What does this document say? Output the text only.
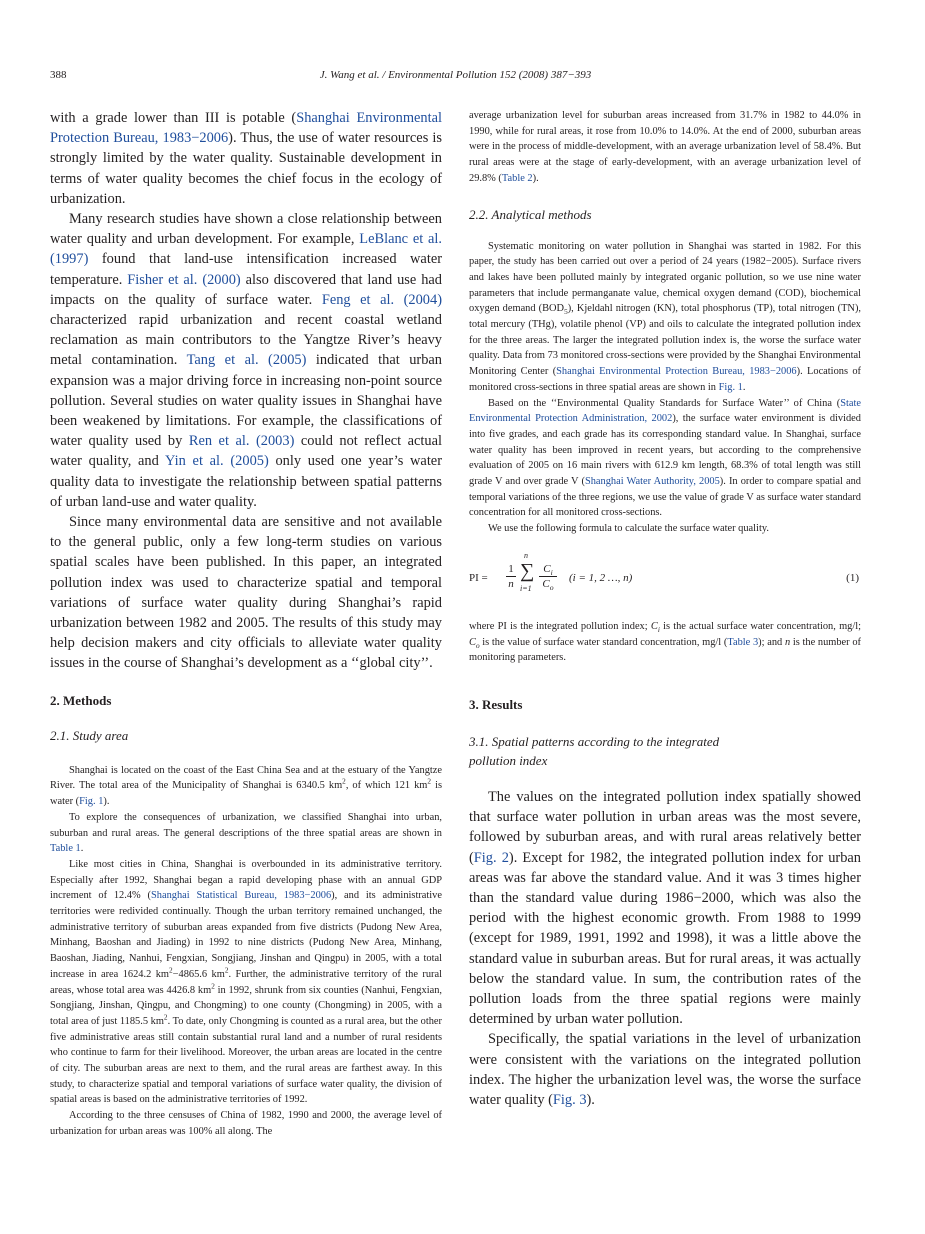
388	J. Wang et al. / Environmental Pollution 152 (2008) 387−393

with a grade lower than III is potable (Shanghai Environmental Protection Bureau, 1983−2006). Thus, the use of water resources is strongly limited by the water quality. Sustainable development in terms of water quality becomes the chief focus in the ecology of urbanization.

Many research studies have shown a close relationship between water quality and urban development. For example, LeBlanc et al. (1997) found that land-use intensification increased water temperature. Fisher et al. (2000) also discovered that land use had impacts on the quality of surface water. Feng et al. (2004) characterized rapid urbanization and recent coastal wetland reclamation as main contributors to the Yangtze River’s heavy metal contamination. Tang et al. (2005) indicated that urban expansion was a major driving force in increasing non-point source pollution. Several studies on water quality issues in Shanghai have been weakened by limitations. For example, the classifications of water quality used by Ren et al. (2003) could not reflect actual water quality, and Yin et al. (2005) only used one year’s water quality data to investigate the relationship between spatial patterns of urban land-use and water quality.

Since many environmental data are sensitive and not available to the general public, only a few long-term studies on various spatial scales have been published. In this paper, an integrated pollution index was used to characterize spatial and temporal variations of surface water quality during Shanghai’s rapid urbanization between 1982 and 2005. The results of this study may help decision makers and city officials to alleviate water quality issues in the course of Shanghai’s development as a ‘‘global city’’.

2. Methods

2.1. Study area

Shanghai is located on the coast of the East China Sea and at the estuary of the Yangtze River. The total area of the Municipality of Shanghai is 6340.5 $km^2$, of which 121 $km^2$ is water (Fig. 1).

To explore the consequences of urbanization, we classified Shanghai into urban, suburban and rural areas. The general descriptions of the three spatial areas are shown in Table 1.

Like most cities in China, Shanghai is overbounded in its administrative territory. Especially after 1992, Shanghai began a rapid developing phase with an annual GDP increment of 12.4% (Shanghai Statistical Bureau, 1983−2006), and its administrative territories were redivided continually. Though the urban territory remained unchanged, the administrative territory of suburban areas expanded from five districts (Pudong New Area, Minhang, Baoshan and Jiading) in 1992 to nine districts (Pudong New Area, Minhang, Baoshan, Jiading, Nanhui, Fengxian, Songjiang, Jinshan and Qingpu) in 2005, with a total increase in area 1624.2 $km^2-4865.6$ $km^2$. Further, the administrative territory of the rural areas, whose total area was 4426.8 $km^2$ in 1992, shrunk from six counties (Nanhui, Fengxian, Songjiang, Jinshan, Qingpu, and Chongming) to one county (Chongming) in 2005, with a total area of just 1185.5 $km^2$. To date, only Chongming is counted as a rural area, but the other five administrative areas still contain substantial rural land and a number of rural residents who continue to farm for their livelihood. Moreover, the urban areas are located in the centre of city. The suburban areas are next to them, and the rural areas are farthest away. In this study, to characterize spatial and temporal variations of surface water quality, the division of spatial areas is based on the administrative territories of 1992.

According to the three censuses of China of 1982, 1990 and 2000, the average level of urbanization for urban areas was 100% all along. The

average urbanization level for suburban areas increased from 31.7% in 1982 to 44.0% in 1990, while for rural areas, it rose from 10.0% to 14.0%. At the end of 2000, suburban areas were in the process of middle-development, with an average urbanization level of 58.4%. But rural areas were at the stage of early-development, with an average urbanization level of 29.8% (Table 2).

2.2. Analytical methods

Systematic monitoring on water pollution in Shanghai was started in 1982. For this paper, the study has been carried out over a period of 24 years (1982−2005). Surface rivers and lakes have been polluted mainly by integrated organic pollution, so we use nine water parameters that include permanganate value, chemical oxygen demand (COD), biochemical oxygen demand $(BOD_5)$, Kjeldahl nitrogen (KN), total phosphorus (TP), total nitrogen (TN), total mercury (THg), volatile phenol (VP) and oils to calculate the integrated pollution index for the three areas. The larger the integrated pollution index is, the worse the surface water quality. Data from 73 monitored cross-sections were provided by the Shanghai Environmental Monitoring Center (Shanghai Environmental Protection Bureau, 1983−2006). Locations of monitored cross-sections in three spatial areas are shown in Fig. 1.

Based on the ‘‘Environmental Quality Standards for Surface Water’’ of China (State Environmental Protection Administration, 2002), the surface water environment is divided into five grades, and each grade has its corresponding standard value. In Shanghai, surface water quality has been improved in recent years, but according to the comprehensive evaluation of 2005 on 16 main rivers with 612.9 km length, 68.3% of total length was still grade V and over grade V (Shanghai Water Authority, 2005). In order to compare spatial and temporal variations of the three regions, we use the value of grade V as surface water standard concentration for all monitored cross-sections.

We use the following formula to calculate the surface water quality.

PI =
1
n
n
∑
i=1
$C_i$
$C_o$
(i = 1, 2 …, n)	(1)

where PI is the integrated pollution index; $C_i$ is the actual surface water concentration, mg/l; $C_o$ is the value of surface water standard concentration, mg/l (Table 3); and n is the number of monitoring parameters.

3. Results

3.1. Spatial patterns according to the integrated
pollution index

The values on the integrated pollution index spatially showed that surface water pollution in urban areas was the most severe, followed by suburban areas, and with rural areas relatively better (Fig. 2). Except for 1982, the integrated pollution index for urban areas was far above the standard value. And it was 3 times higher than the standard value during 1986−2000, which was also the period with the highest economic growth. From 1988 to 1999 (except for 1989, 1991, 1992 and 1998), it was a little above the standard value in suburban areas. But for rural areas, it was actually below the standard value. In sum, the contribution rates of the pollution loads from the three spatial regions were mainly determined by urban water pollution.

Specifically, the spatial variations in the level of urbanization were consistent with the variations on the integrated pollution index. The higher the urbanization level was, the worse the surface water quality (Fig. 3).
